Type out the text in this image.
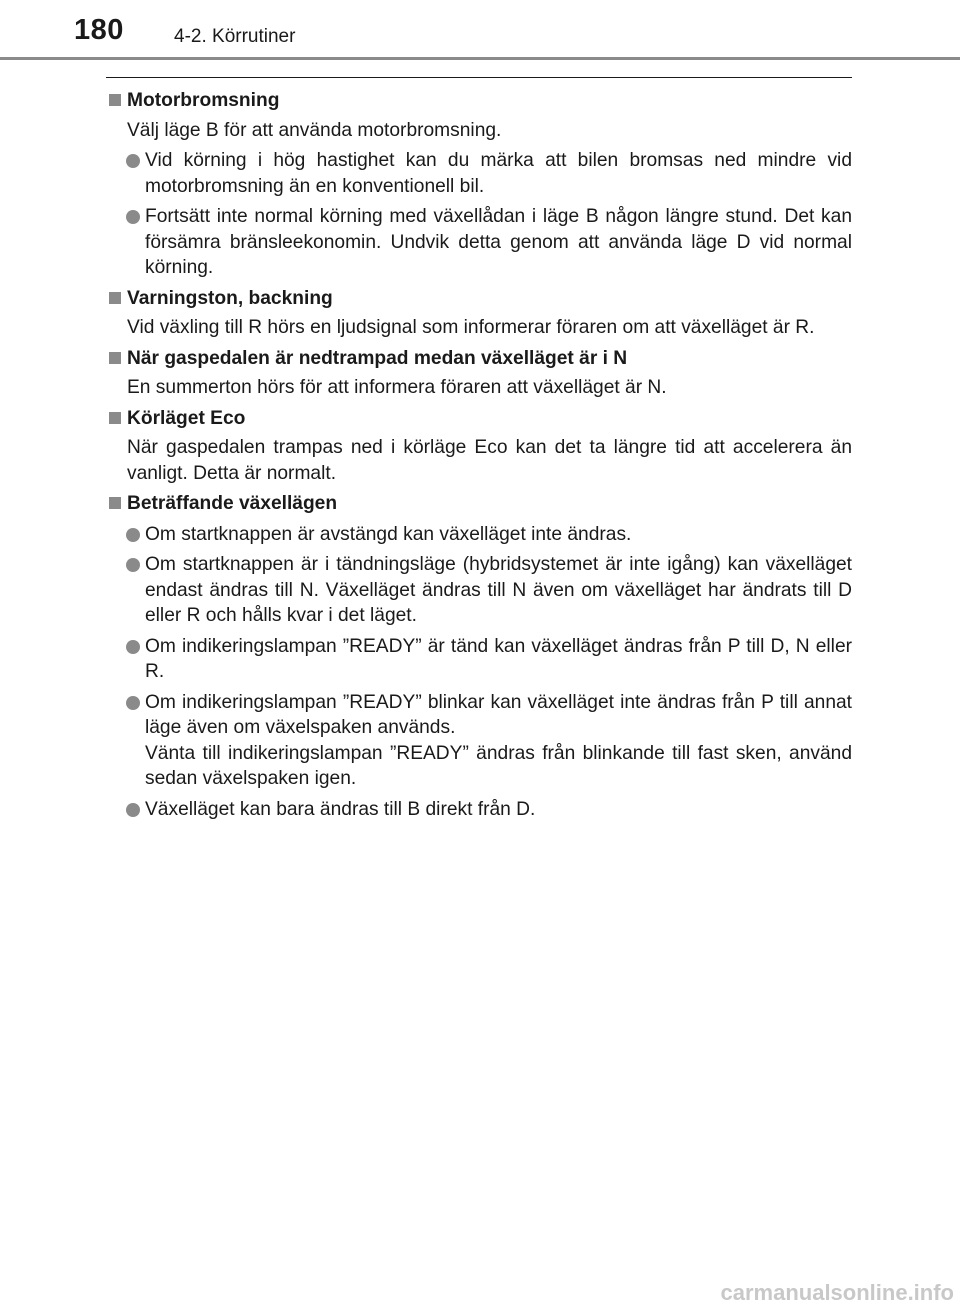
180	4-2. Körrutiner
Motorbromsning
Välj läge B för att använda motorbromsning.

Vid körning i hög hastighet kan du märka att bilen bromsas ned mindre vid motorbromsning än en konventionell bil.

Fortsätt inte normal körning med växellådan i läge B någon längre stund. Det kan försämra bränsleekonomin. Undvik detta genom att använda läge D vid normal körning.

Varningston, backning
Vid växling till R hörs en ljudsignal som informerar föraren om att växelläget är R.
När gaspedalen är nedtrampad medan växelläget är i N
En summerton hörs för att informera föraren att växelläget är N.
Körläget Eco
När gaspedalen trampas ned i körläge Eco kan det ta längre tid att accelerera än vanligt. Detta är normalt.
Beträffande växellägen

Om startknappen är avstängd kan växelläget inte ändras.

Om startknappen är i tändningsläge (hybridsystemet är inte igång) kan växelläget endast ändras till N. Växelläget ändras till N även om växelläget har ändrats till D eller R och hålls kvar i det läget.

Om indikeringslampan ”READY” är tänd kan växelläget ändras från P till D, N eller R.

Om indikeringslampan ”READY” blinkar kan växelläget inte ändras från P till annat läge även om växelspaken används.

Vänta till indikeringslampan ”READY” ändras från blinkande till fast sken, använd sedan växelspaken igen.

Växelläget kan bara ändras till B direkt från D.

carmanualsonline.info
